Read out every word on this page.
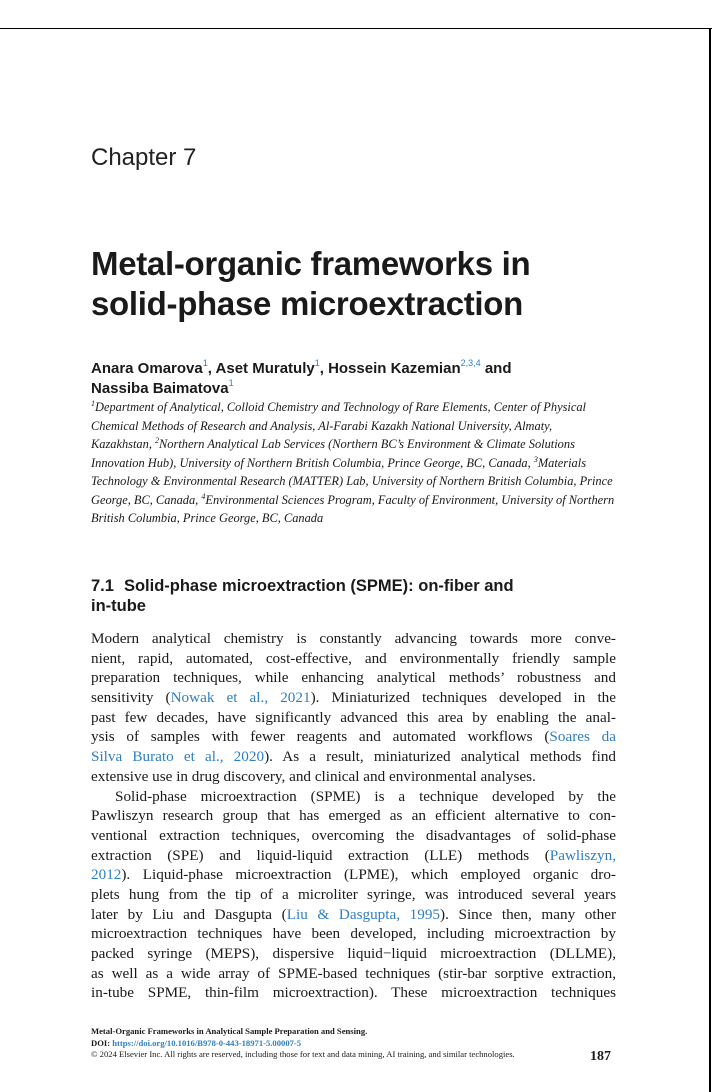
Chapter 7
Metal-organic frameworks in
solid-phase microextraction
Anara Omarova$^1$, Aset Muratuly$^1$, Hossein Kazemian$^{2,3,4}$ and
Nassiba Baimatova$^1$
$^1$Department of Analytical, Colloid Chemistry and Technology of Rare Elements, Center of Physical Chemical Methods of Research and Analysis, Al-Farabi Kazakh National University, Almaty, Kazakhstan, $^2$Northern Analytical Lab Services (Northern BC’s Environment & Climate Solutions Innovation Hub), University of Northern British Columbia, Prince George, BC, Canada, $^3$Materials Technology & Environmental Research (MATTER) Lab, University of Northern British Columbia, Prince George, BC, Canada, $^4$Environmental Sciences Program, Faculty of Environment, University of Northern British Columbia, Prince George, BC, Canada
7.1 Solid-phase microextraction (SPME): on-fiber and
in-tube
Modern analytical chemistry is constantly advancing towards more conve-
nient, rapid, automated, cost-effective, and environmentally friendly sample
preparation techniques, while enhancing analytical methods’ robustness and
sensitivity (Nowak et al., 2021). Miniaturized techniques developed in the
past few decades, have significantly advanced this area by enabling the anal-
ysis of samples with fewer reagents and automated workflows (Soares da
Silva Burato et al., 2020). As a result, miniaturized analytical methods find
extensive use in drug discovery, and clinical and environmental analyses.
Solid-phase microextraction (SPME) is a technique developed by the
Pawliszyn research group that has emerged as an efficient alternative to con-
ventional extraction techniques, overcoming the disadvantages of solid-phase
extraction (SPE) and liquid-liquid extraction (LLE) methods (Pawliszyn,
2012). Liquid-phase microextraction (LPME), which employed organic dro-
plets hung from the tip of a microliter syringe, was introduced several years
later by Liu and Dasgupta (Liu & Dasgupta, 1995). Since then, many other
microextraction techniques have been developed, including microextraction by
packed syringe (MEPS), dispersive liquid−liquid microextraction (DLLME),
as well as a wide array of SPME-based techniques (stir-bar sorptive extraction,
in-tube SPME, thin-film microextraction). These microextraction techniques
Metal-Organic Frameworks in Analytical Sample Preparation and Sensing.
DOI: https://doi.org/10.1016/B978-0-443-18971-5.00007-5
© 2024 Elsevier Inc. All rights are reserved, including those for text and data mining, AI training, and similar technologies.	187
